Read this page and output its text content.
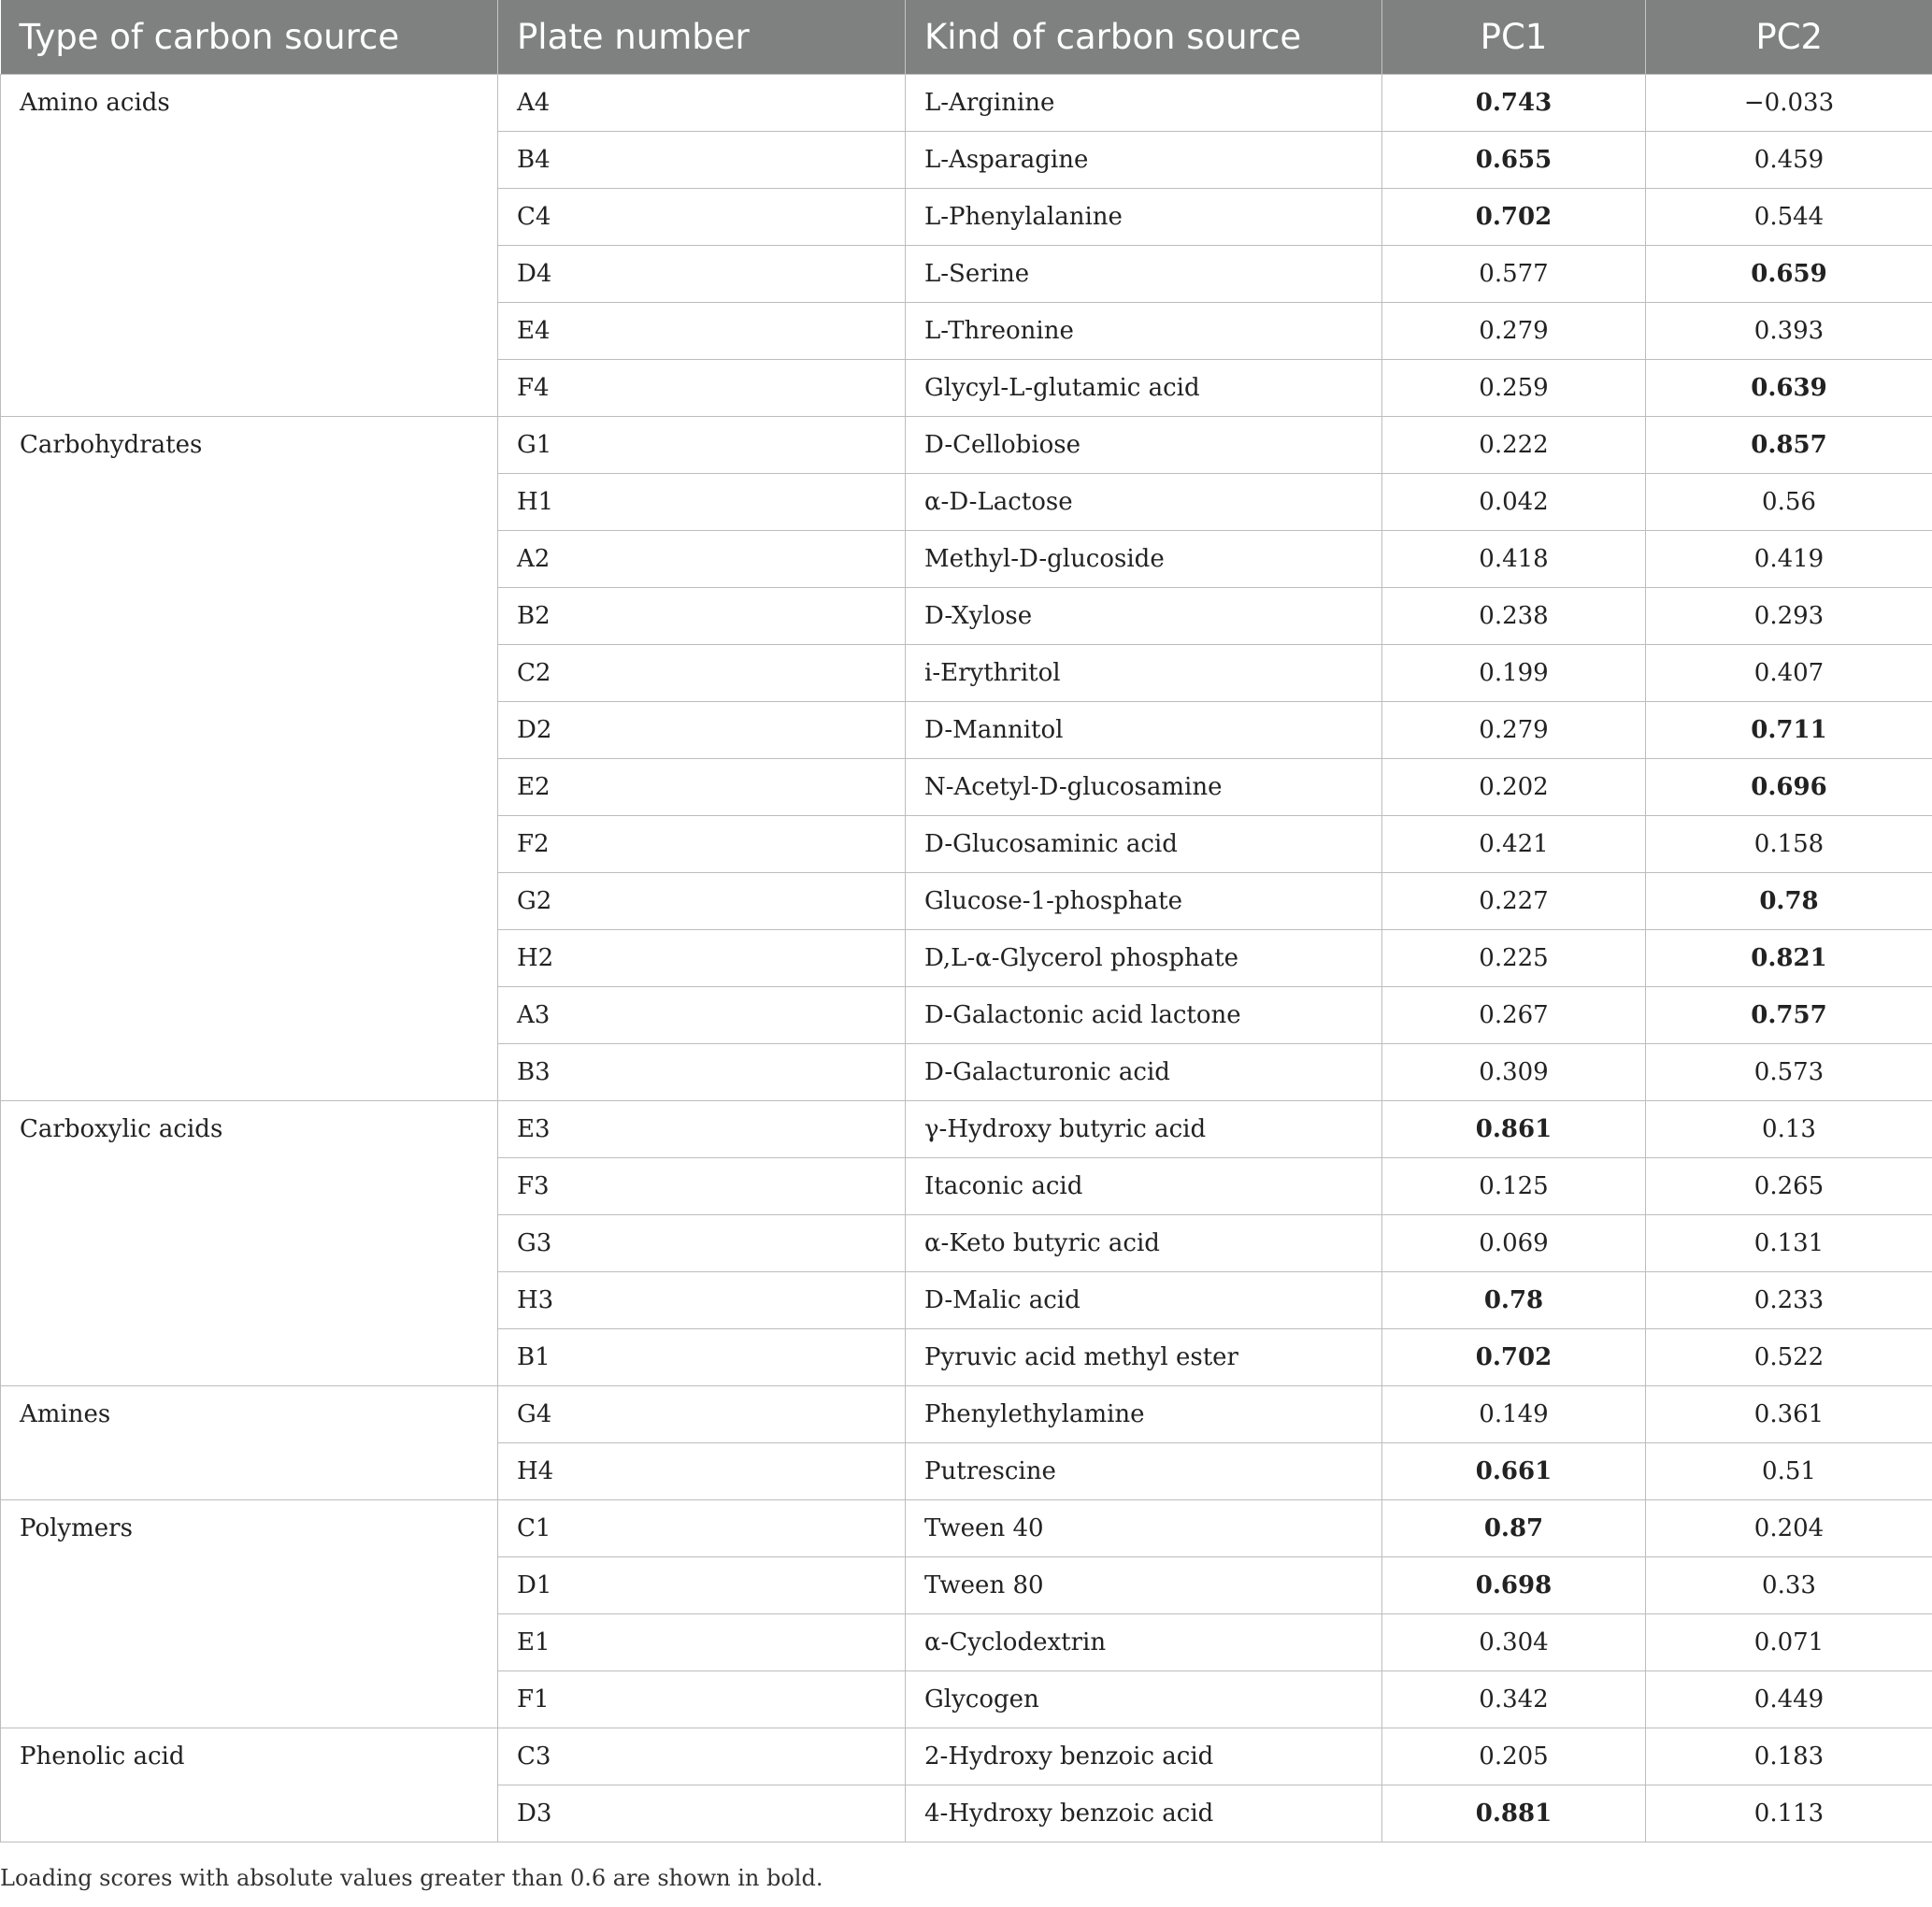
Type of carbon source	Plate number	Kind of carbon source	PC1	PC2
Amino acids	A4	L-Arginine	0.743	−0.033
	B4	L-Asparagine	0.655	0.459
	C4	L-Phenylalanine	0.702	0.544
	D4	L-Serine	0.577	0.659
	E4	L-Threonine	0.279	0.393
	F4	Glycyl-L-glutamic acid	0.259	0.639
Carbohydrates	G1	D-Cellobiose	0.222	0.857
	H1	α-D-Lactose	0.042	0.56
	A2	Methyl-D-glucoside	0.418	0.419
	B2	D-Xylose	0.238	0.293
	C2	i-Erythritol	0.199	0.407
	D2	D-Mannitol	0.279	0.711
	E2	N-Acetyl-D-glucosamine	0.202	0.696
	F2	D-Glucosaminic acid	0.421	0.158
	G2	Glucose-1-phosphate	0.227	0.78
	H2	D,L-α-Glycerol phosphate	0.225	0.821
	A3	D-Galactonic acid lactone	0.267	0.757
	B3	D-Galacturonic acid	0.309	0.573
Carboxylic acids	E3	γ-Hydroxy butyric acid	0.861	0.13
	F3	Itaconic acid	0.125	0.265
	G3	α-Keto butyric acid	0.069	0.131
	H3	D-Malic acid	0.78	0.233
	B1	Pyruvic acid methyl ester	0.702	0.522
Amines	G4	Phenylethylamine	0.149	0.361
	H4	Putrescine	0.661	0.51
Polymers	C1	Tween 40	0.87	0.204
	D1	Tween 80	0.698	0.33
	E1	α-Cyclodextrin	0.304	0.071
	F1	Glycogen	0.342	0.449
Phenolic acid	C3	2-Hydroxy benzoic acid	0.205	0.183
	D3	4-Hydroxy benzoic acid	0.881	0.113
Loading scores with absolute values greater than 0.6 are shown in bold.
